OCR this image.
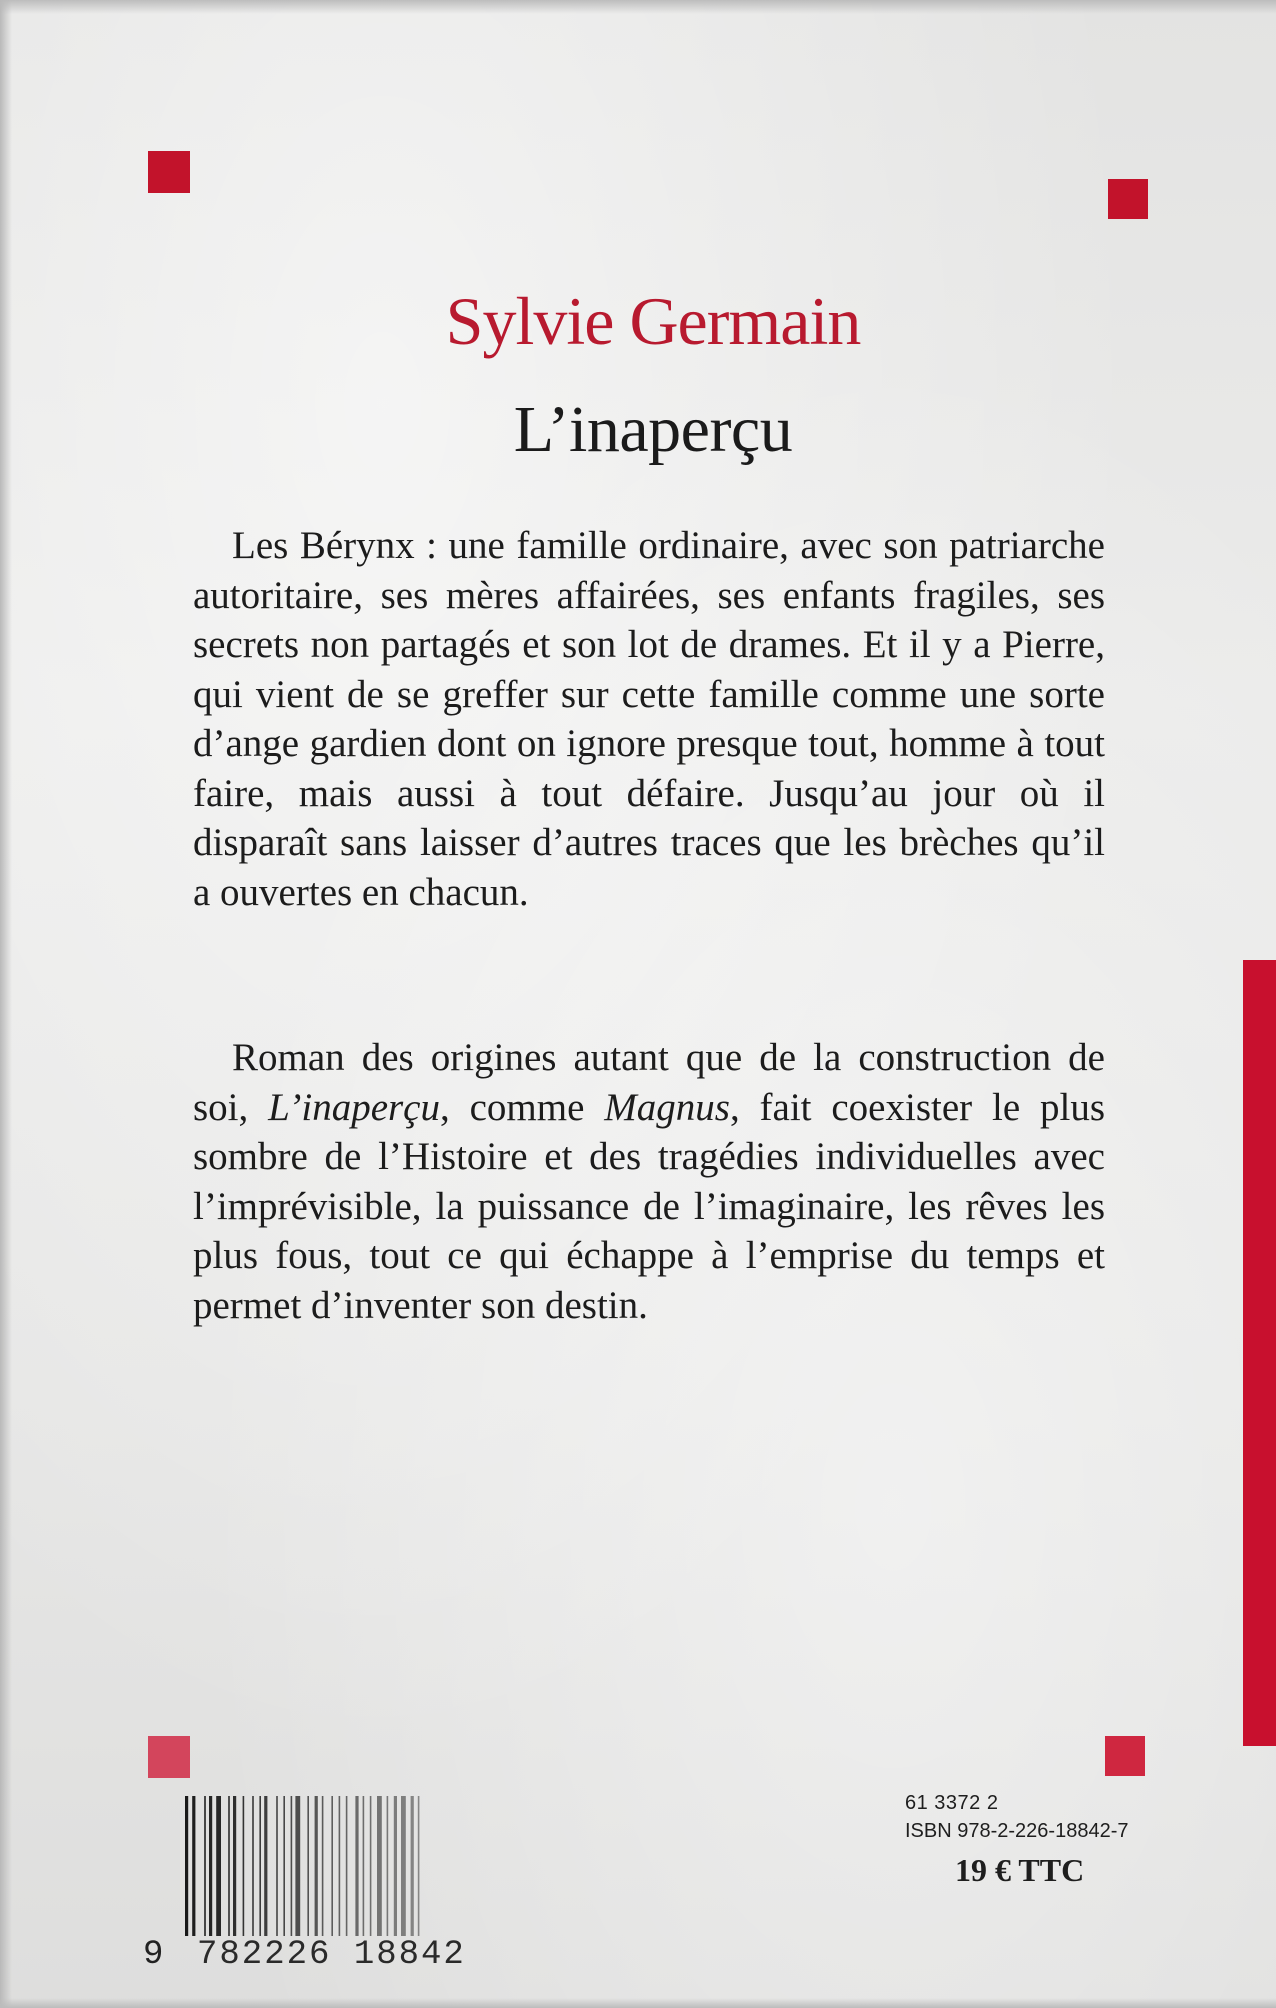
Sylvie Germain
L’inaperçu

Les Bérynx : une famille ordinaire, avec son patriarche autoritaire, ses mères affairées, ses enfants fragiles, ses secrets non partagés et son lot de drames. Et il y a Pierre, qui vient de se greffer sur cette famille comme une sorte d’ange gardien dont on ignore presque tout, homme à tout faire, mais aussi à tout défaire. Jusqu’au jour où il disparaît sans laisser d’autres traces que les brèches qu’il a ouvertes en chacun.

Roman des origines autant que de la construction de soi, L’inaperçu, comme Magnus, fait coexister le plus sombre de l’Histoire et des tragédies individuelles avec l’imprévisible, la puissance de l’imaginaire, les rêves les plus fous, tout ce qui échappe à l’emprise du temps et permet d’inventer son destin.

9 782226 18842
61 3372 2
ISBN 978-2-226-18842-7
19 € TTC
